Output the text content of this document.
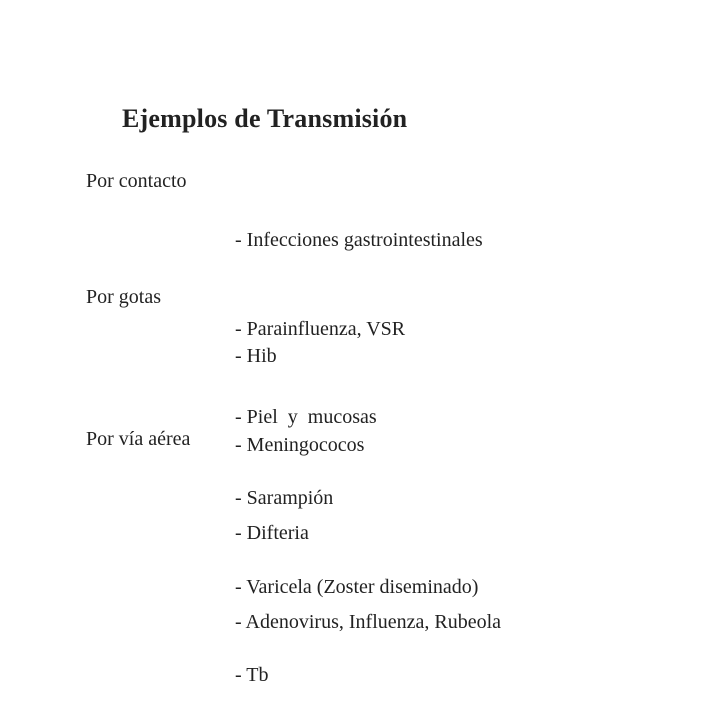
Ejemplos de Transmisión
Por contacto

- Infecciones gastrointestinales

- Parainfluenza, VSR

- Piel  y  mucosas

Por gotas

- Hib

- Meningococos

- Difteria

- Adenovirus, Influenza, Rubeola

Por vía aérea

- Sarampión

- Varicela (Zoster diseminado)

- Tb
